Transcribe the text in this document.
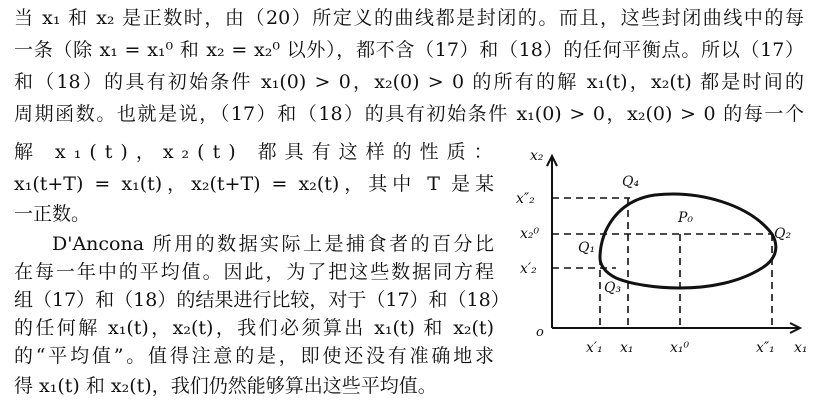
当 x₁ 和 x₂ 是正数时，由（20）所定义的曲线都是封闭的。而且，这些封闭曲线中的每
一条（除 x₁ = x₁⁰ 和 x₂ = x₂⁰ 以外），都不含（17）和（18）的任何平衡点。所以（17）
和（18）的具有初始条件 x₁(0) > 0，x₂(0) > 0 的所有的解 x₁(t)，x₂(t) 都是时间的
周期函数。也就是说，（17）和（18）的具有初始条件 x₁(0) > 0，x₂(0) > 0 的每一个
解 x₁(t)，x₂(t) 都具有这样的性质：
x₁(t+T) = x₁(t)，x₂(t+T) = x₂(t)，其中 T 是某
一正数。
D'Ancona 所用的数据实际上是捕食者的百分比
在每一年中的平均值。因此，为了把这些数据同方程
组（17）和（18）的结果进行比较，对于（17）和（18）
的任何解 x₁(t)，x₂(t)，我们必须算出 x₁(t) 和 x₂(t)
的“平均值”。值得注意的是，即使还没有准确地求
得 x₁(t) 和 x₂(t)，我们仍然能够算出这些平均值。
x₂
x₁
o
x″₂
x₂⁰
x′₂
x′₁ x₁	x₁⁰	x″₁
Q₄
P₀
Q₁
Q₂
Q₃
